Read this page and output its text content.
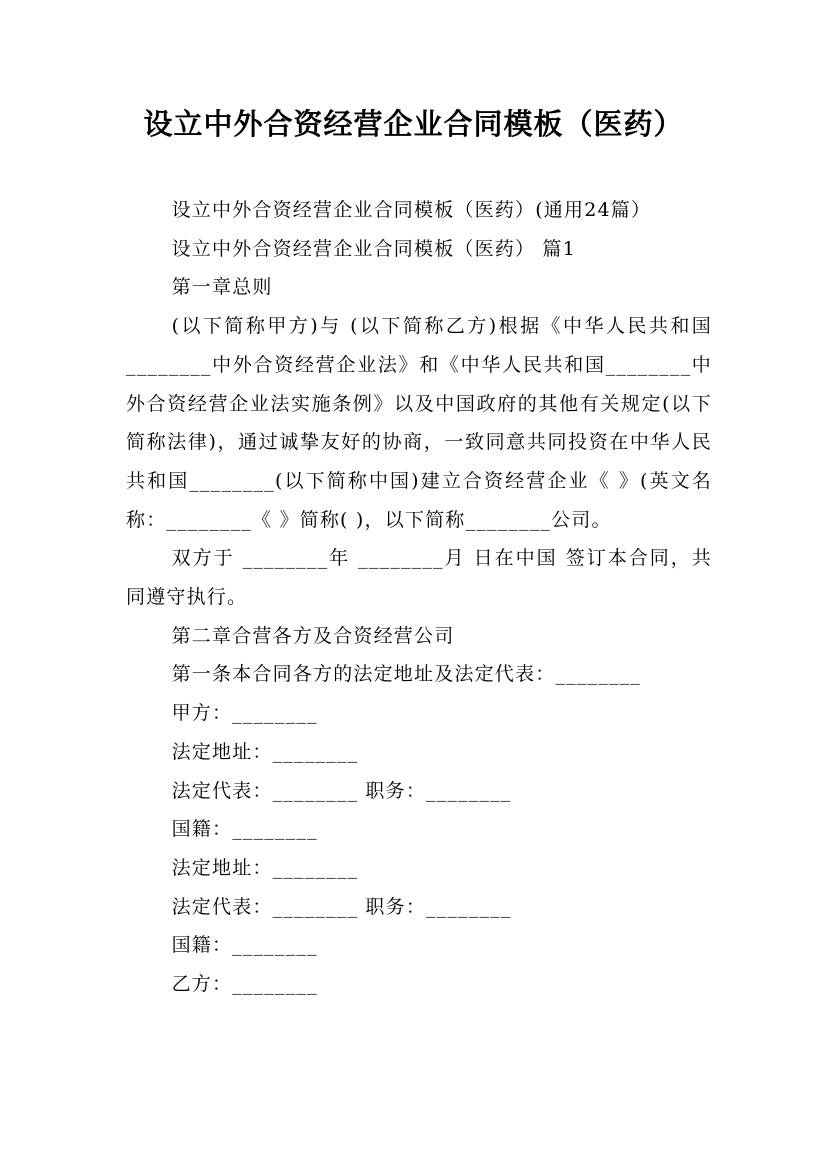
设立中外合资经营企业合同模板（医药）

设立中外合资经营企业合同模板（医药）(通用24篇）

设立中外合资经营企业合同模板（医药） 篇1

第一章总则

(以下简称甲方)与 (以下简称乙方)根据《中华人民共和国________中外合资经营企业法》和《中华人民共和国________中外合资经营企业法实施条例》以及中国政府的其他有关规定(以下简称法律)，通过诚挚友好的协商，一致同意共同投资在中华人民共和国________(以下简称中国)建立合资经营企业《 》(英文名称：________《 》简称( )，以下简称________公司。

双方于 ________年 ________月 日在中国 签订本合同，共同遵守执行。

第二章合营各方及合资经营公司

第一条本合同各方的法定地址及法定代表：________

甲方：________

法定地址：________

法定代表：________ 职务：________

国籍：________

法定地址：________

法定代表：________ 职务：________

国籍：________

乙方：________
